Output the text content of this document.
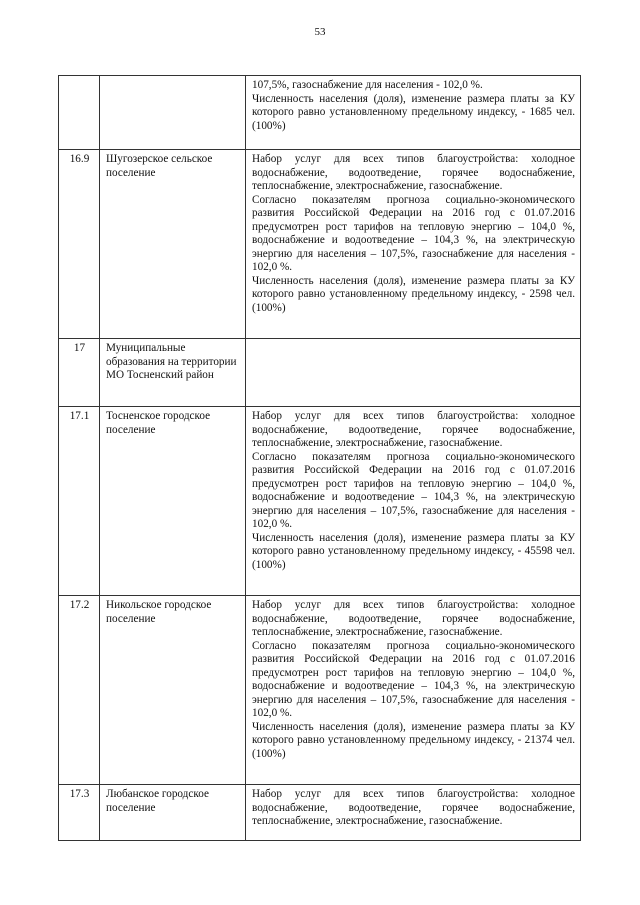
53

		107,5%, газоснабжение для населения - 102,0 %.

Численность населения (доля), изменение размера платы за КУ которого равно установленному предельному индексу, - 1685 чел. (100%)

16.9	Шугозерское сельское поселение	Набор услуг для всех типов благоустройства: холодное водоснабжение, водоотведение, горячее водоснабжение, теплоснабжение, электроснабжение, газоснабжение.

Согласно показателям прогноза социально-экономического развития Российской Федерации на 2016 год с 01.07.2016 предусмотрен рост тарифов на тепловую энергию – 104,0 %, водоснабжение и водоотведение – 104,3 %, на электрическую энергию для населения – 107,5%, газоснабжение для населения - 102,0 %.

Численность населения (доля), изменение размера платы за КУ которого равно установленному предельному индексу, - 2598 чел. (100%)

17	Муниципальные образования на территории МО Тосненский район	
17.1	Тосненское городское поселение	Набор услуг для всех типов благоустройства: холодное водоснабжение, водоотведение, горячее водоснабжение, теплоснабжение, электроснабжение, газоснабжение.

Согласно показателям прогноза социально-экономического развития Российской Федерации на 2016 год с 01.07.2016 предусмотрен рост тарифов на тепловую энергию – 104,0 %, водоснабжение и водоотведение – 104,3 %, на электрическую энергию для населения – 107,5%, газоснабжение для населения - 102,0 %.

Численность населения (доля), изменение размера платы за КУ которого равно установленному предельному индексу, - 45598 чел. (100%)

17.2	Никольское городское поселение	Набор услуг для всех типов благоустройства: холодное водоснабжение, водоотведение, горячее водоснабжение, теплоснабжение, электроснабжение, газоснабжение.

Согласно показателям прогноза социально-экономического развития Российской Федерации на 2016 год с 01.07.2016 предусмотрен рост тарифов на тепловую энергию – 104,0 %, водоснабжение и водоотведение – 104,3 %, на электрическую энергию для населения – 107,5%, газоснабжение для населения - 102,0 %.

Численность населения (доля), изменение размера платы за КУ которого равно установленному предельному индексу, - 21374 чел. (100%)

17.3	Любанское городское поселение	Набор услуг для всех типов благоустройства: холодное водоснабжение, водоотведение, горячее водоснабжение, теплоснабжение, электроснабжение, газоснабжение.
